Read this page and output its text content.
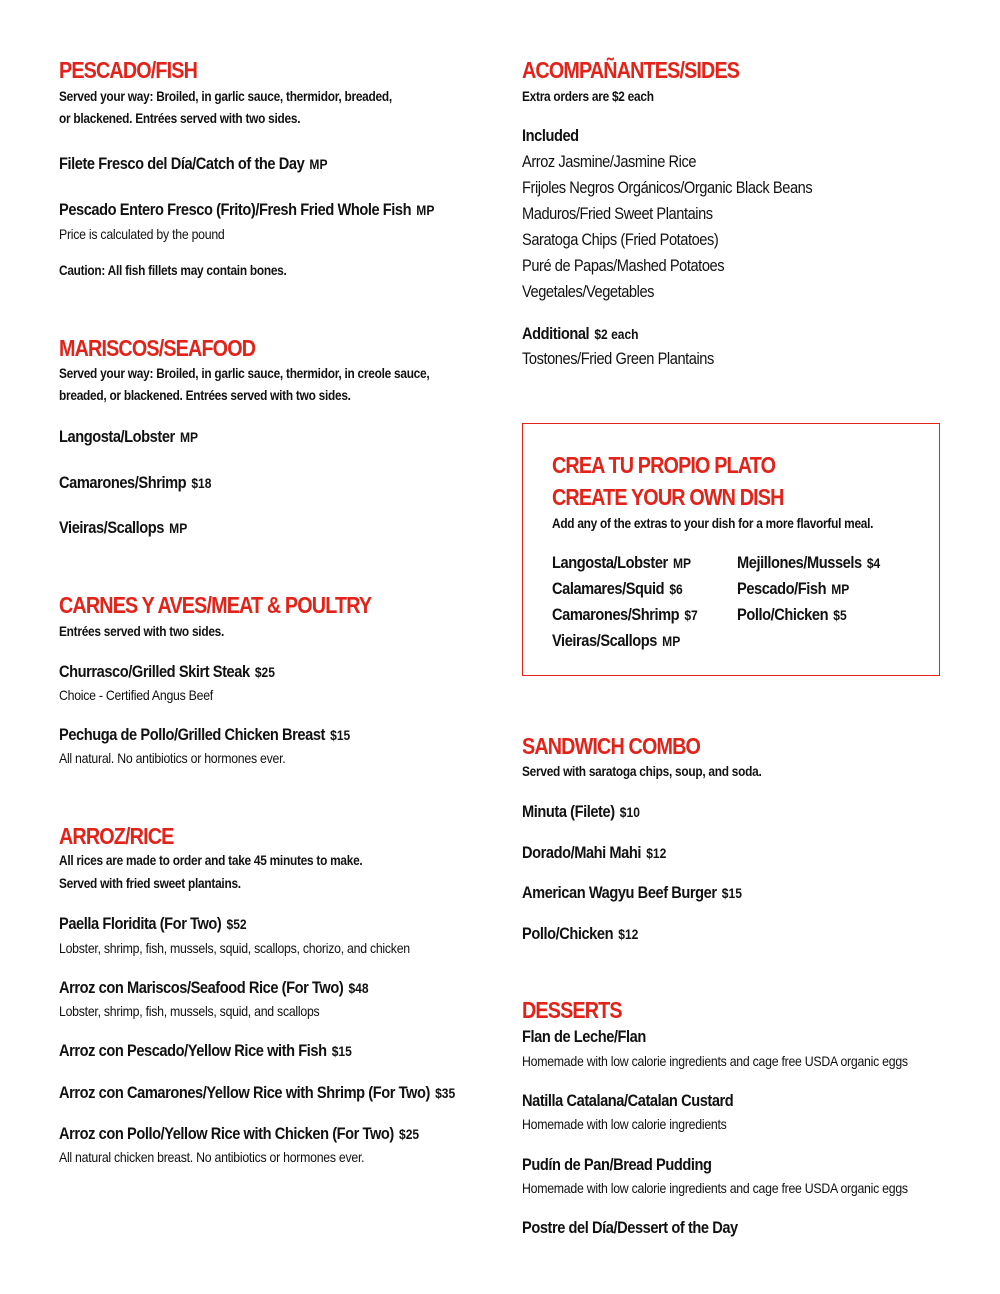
PESCADO/FISH
Served your way: Broiled, in garlic sauce, thermidor, breaded,
or blackened. Entrées served with two sides.
Filete Fresco del Día/Catch of the Day MP
Pescado Entero Fresco (Frito)/Fresh Fried Whole Fish MP
Price is calculated by the pound
Caution: All fish fillets may contain bones.
MARISCOS/SEAFOOD
Served your way: Broiled, in garlic sauce, thermidor, in creole sauce,
breaded, or blackened. Entrées served with two sides.
Langosta/Lobster MP
Camarones/Shrimp $18
Vieiras/Scallops MP
CARNES Y AVES/MEAT & POULTRY
Entrées served with two sides.
Churrasco/Grilled Skirt Steak $25
Choice - Certified Angus Beef
Pechuga de Pollo/Grilled Chicken Breast $15
All natural. No antibiotics or hormones ever.
ARROZ/RICE
All rices are made to order and take 45 minutes to make.
Served with fried sweet plantains.
Paella Floridita (For Two) $52
Lobster, shrimp, fish, mussels, squid, scallops, chorizo, and chicken
Arroz con Mariscos/Seafood Rice (For Two) $48
Lobster, shrimp, fish, mussels, squid, and scallops
Arroz con Pescado/Yellow Rice with Fish $15
Arroz con Camarones/Yellow Rice with Shrimp (For Two) $35
Arroz con Pollo/Yellow Rice with Chicken (For Two) $25
All natural chicken breast. No antibiotics or hormones ever.
ACOMPAÑANTES/SIDES
Extra orders are $2 each
Included
Arroz Jasmine/Jasmine Rice
Frijoles Negros Orgánicos/Organic Black Beans
Maduros/Fried Sweet Plantains
Saratoga Chips (Fried Potatoes)
Puré de Papas/Mashed Potatoes
Vegetales/Vegetables
Additional $2 each
Tostones/Fried Green Plantains
CREA TU PROPIO PLATO
CREATE YOUR OWN DISH
Add any of the extras to your dish for a more flavorful meal.
Langosta/Lobster MP
Calamares/Squid $6
Camarones/Shrimp $7
Vieiras/Scallops MP
Mejillones/Mussels $4
Pescado/Fish MP
Pollo/Chicken $5
SANDWICH COMBO
Served with saratoga chips, soup, and soda.
Minuta (Filete) $10
Dorado/Mahi Mahi $12
American Wagyu Beef Burger $15
Pollo/Chicken $12
DESSERTS
Flan de Leche/Flan
Homemade with low calorie ingredients and cage free USDA organic eggs
Natilla Catalana/Catalan Custard
Homemade with low calorie ingredients
Pudín de Pan/Bread Pudding
Homemade with low calorie ingredients and cage free USDA organic eggs
Postre del Día/Dessert of the Day
